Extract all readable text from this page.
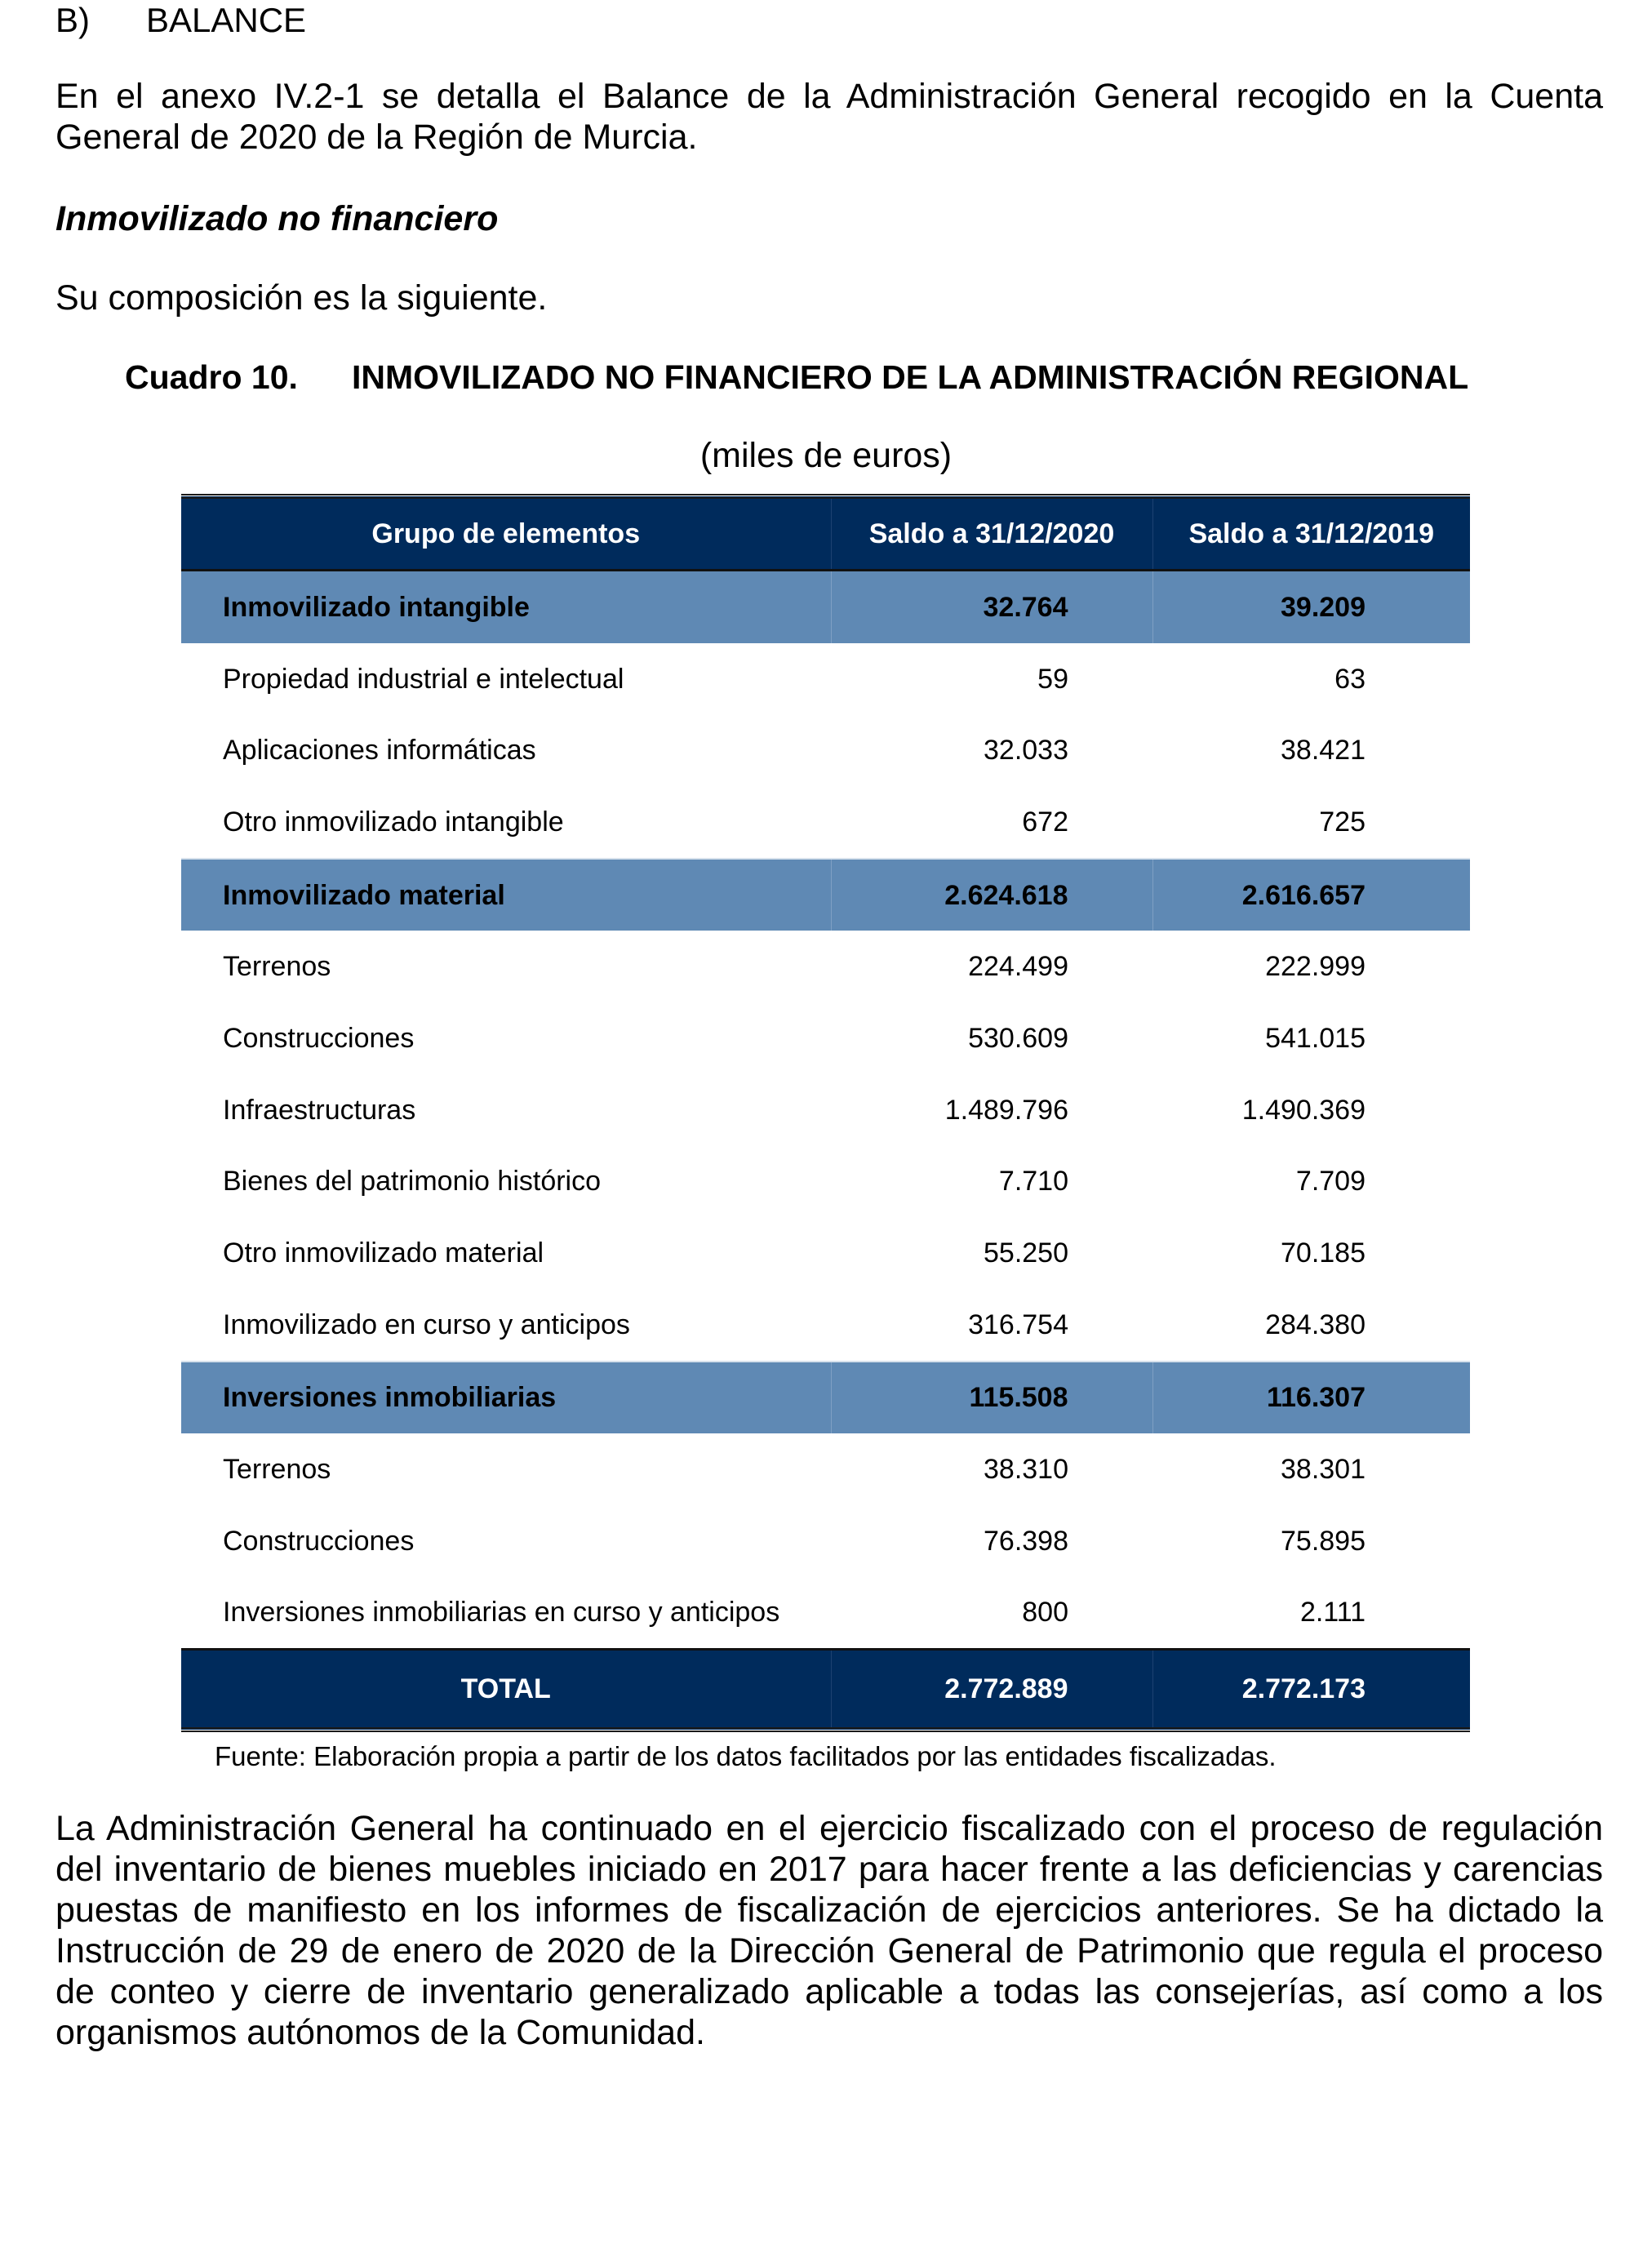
B) BALANCE
En el anexo IV.2-1 se detalla el Balance de la Administración General recogido en la Cuenta General de 2020 de la Región de Murcia.
Inmovilizado no financiero
Su composición es la siguiente.
Cuadro 10. INMOVILIZADO NO FINANCIERO DE LA ADMINISTRACIÓN REGIONAL
(miles de euros)
Grupo de elementos	Saldo a 31/12/2020	Saldo a 31/12/2019
Inmovilizado intangible	32.764	39.209
Propiedad industrial e intelectual	59	63
Aplicaciones informáticas	32.033	38.421
Otro inmovilizado intangible	672	725
Inmovilizado material	2.624.618	2.616.657
Terrenos	224.499	222.999
Construcciones	530.609	541.015
Infraestructuras	1.489.796	1.490.369
Bienes del patrimonio histórico	7.710	7.709
Otro inmovilizado material	55.250	70.185
Inmovilizado en curso y anticipos	316.754	284.380
Inversiones inmobiliarias	115.508	116.307
Terrenos	38.310	38.301
Construcciones	76.398	75.895
Inversiones inmobiliarias en curso y anticipos	800	2.111
TOTAL	2.772.889	2.772.173
Fuente: Elaboración propia a partir de los datos facilitados por las entidades fiscalizadas.
La Administración General ha continuado en el ejercicio fiscalizado con el proceso de regulación del inventario de bienes muebles iniciado en 2017 para hacer frente a las deficiencias y carencias puestas de manifiesto en los informes de fiscalización de ejercicios anteriores. Se ha dictado la Instrucción de 29 de enero de 2020 de la Dirección General de Patrimonio que regula el proceso de conteo y cierre de inventario generalizado aplicable a todas las consejerías, así como a los organismos autónomos de la Comunidad.
